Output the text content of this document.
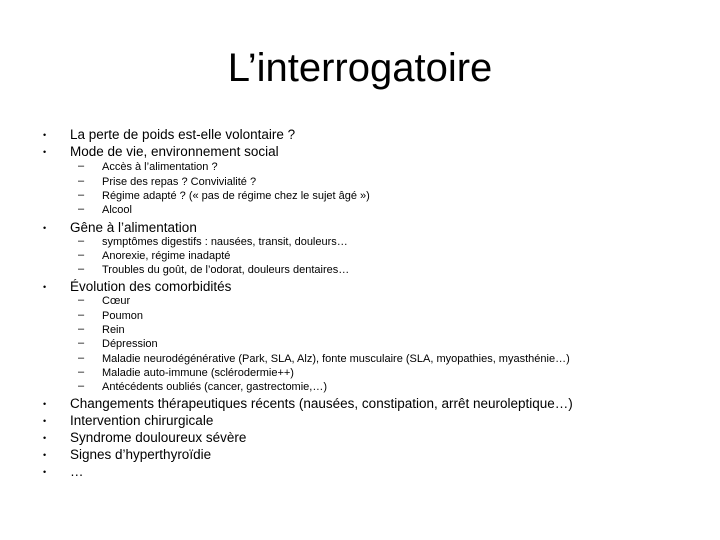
L’interrogatoire
• La perte de poids est-elle volontaire ?
• Mode de vie, environnement social
– Accès à l’alimentation ?
– Prise des repas ? Convivialité ?
– Régime adapté ? (« pas de régime chez le sujet âgé »)
– Alcool
• Gêne à l’alimentation
– symptômes digestifs : nausées, transit, douleurs…
– Anorexie, régime inadapté
– Troubles du goût, de l’odorat, douleurs dentaires…
• Évolution des comorbidités
– Cœur
– Poumon
– Rein
– Dépression
– Maladie neurodégénérative (Park, SLA, Alz), fonte musculaire (SLA, myopathies, myasthénie…)
– Maladie auto-immune (sclérodermie++)
– Antécédents oubliés (cancer, gastrectomie,…)
• Changements thérapeutiques récents (nausées, constipation, arrêt neuroleptique…)
• Intervention chirurgicale
• Syndrome douloureux sévère
• Signes d’hyperthyroïdie
• …
